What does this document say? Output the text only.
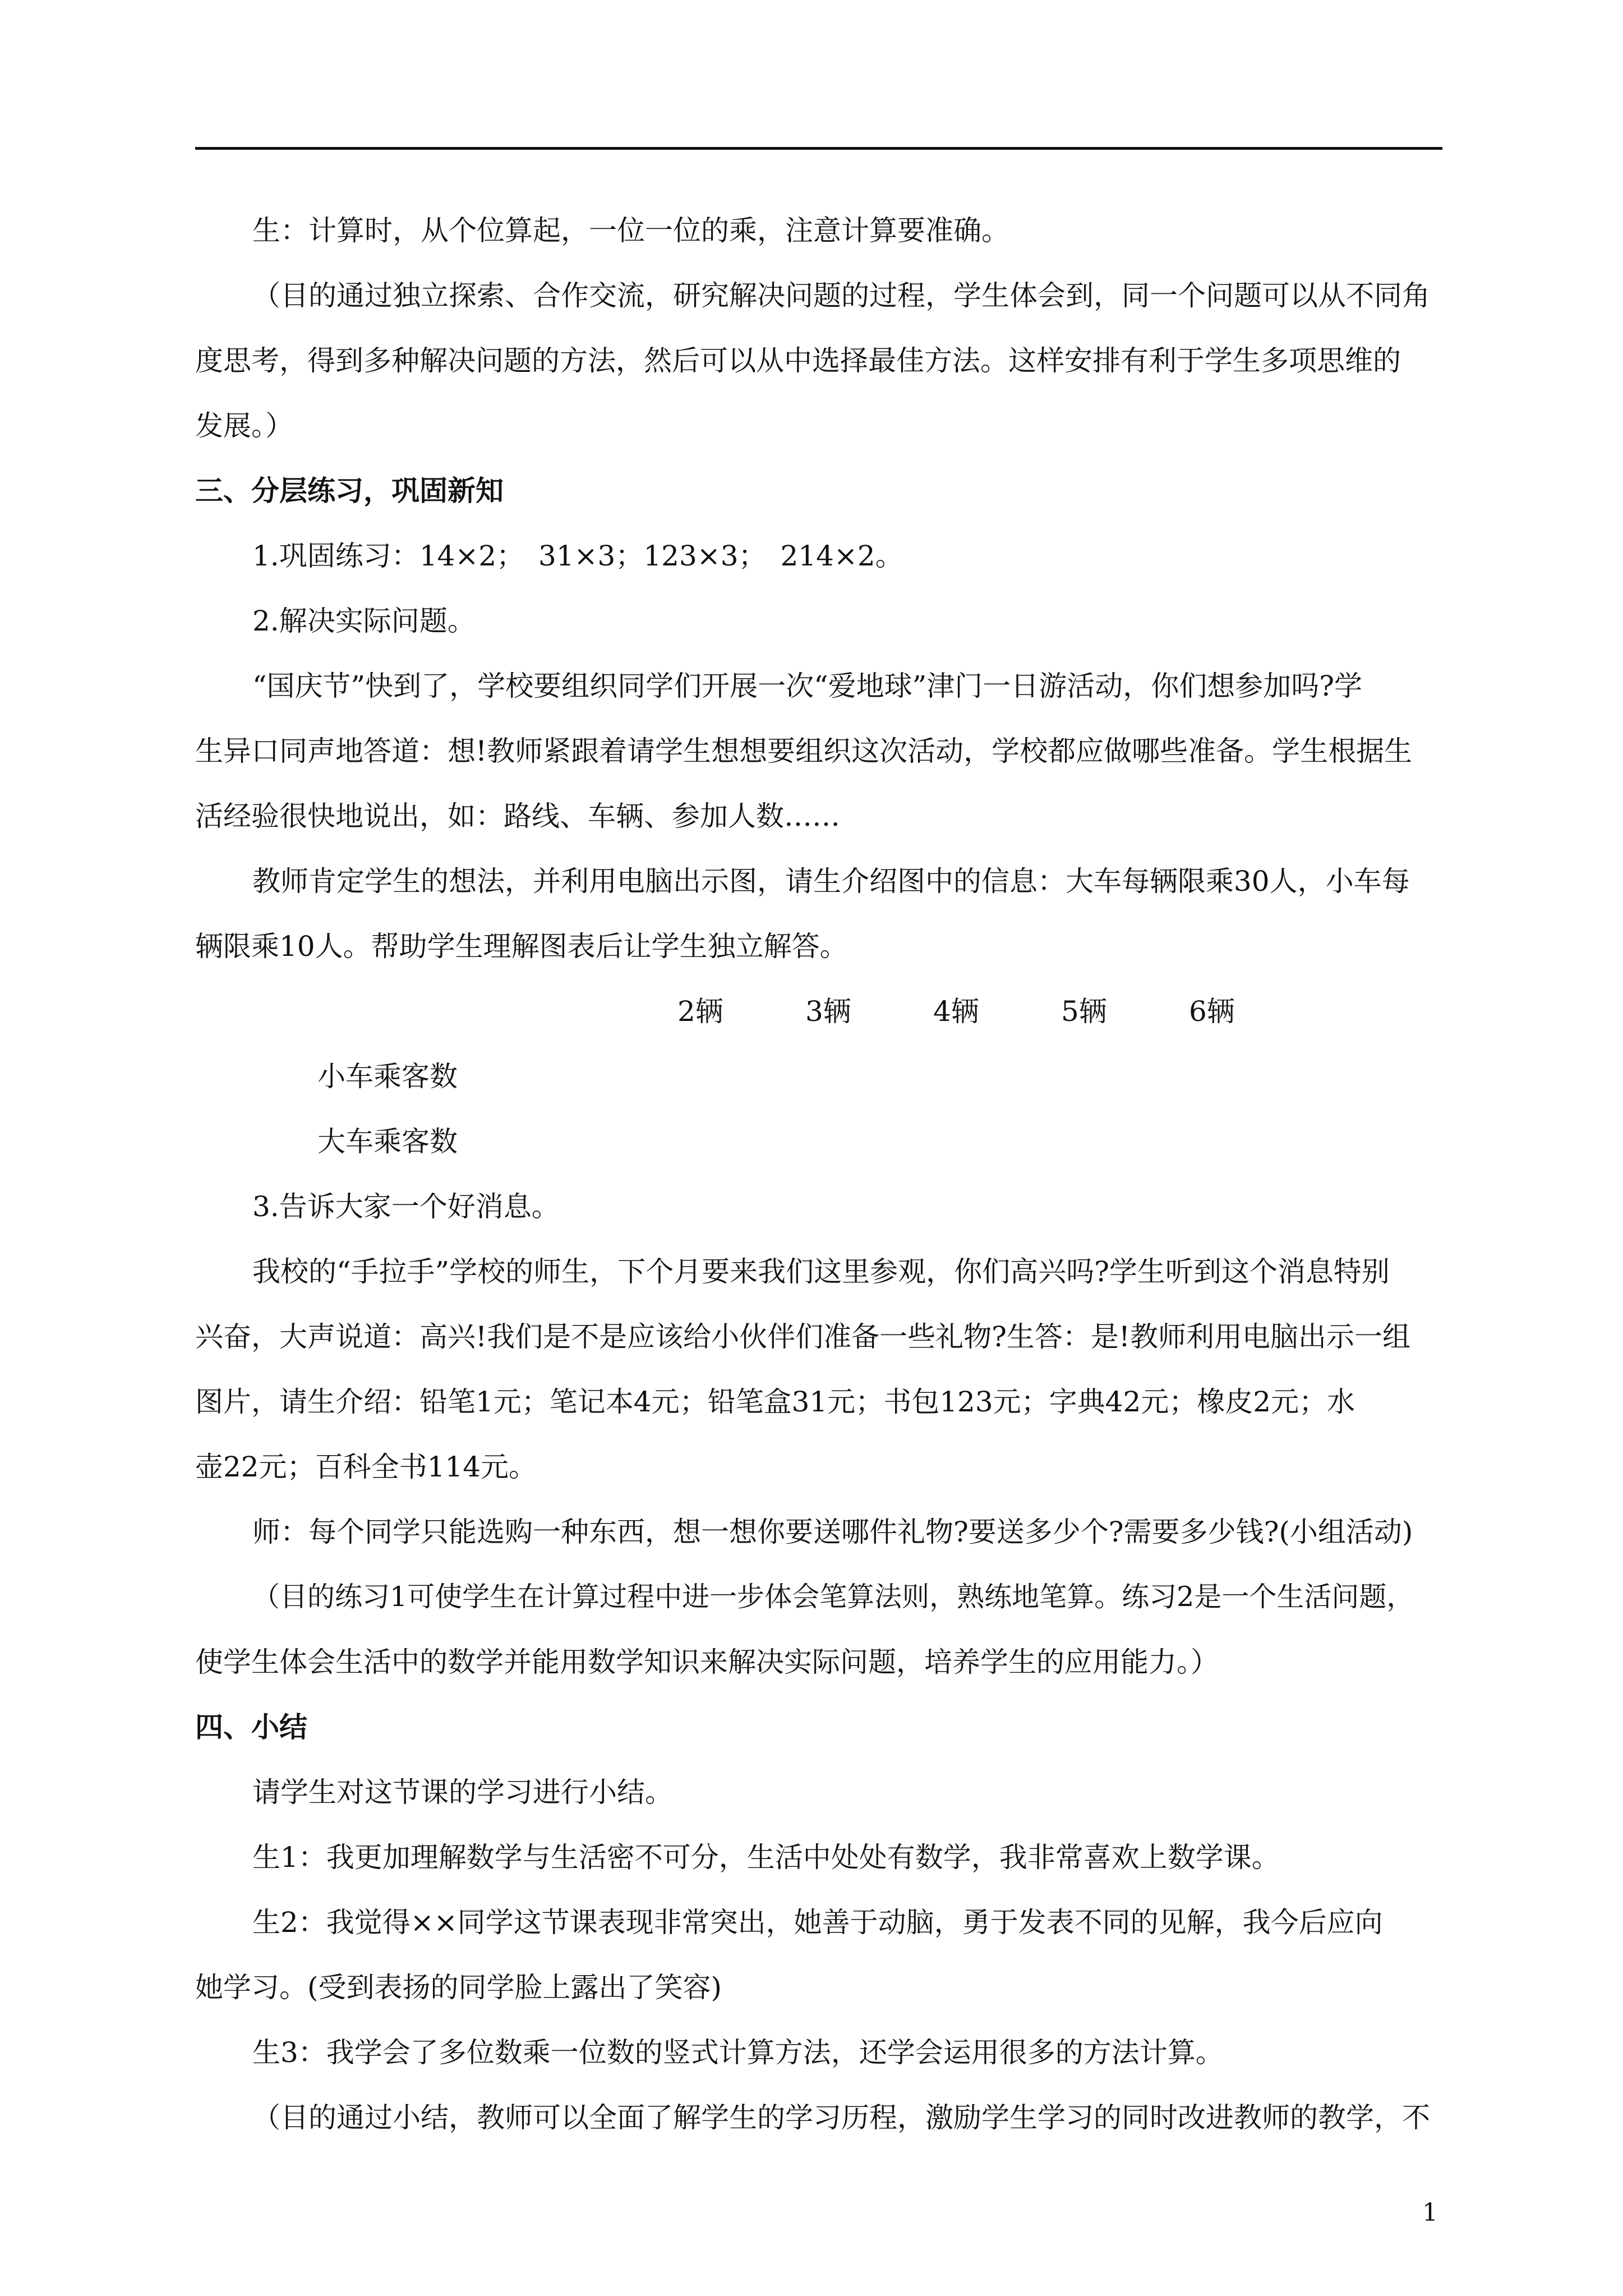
生：计算时，从个位算起，一位一位的乘，注意计算要准确。
（目的通过独立探索、合作交流，研究解决问题的过程，学生体会到，同一个问题可以从不同角
度思考，得到多种解决问题的方法，然后可以从中选择最佳方法。这样安排有利于学生多项思维的
发展。）
三、分层练习，巩固新知
1.巩固练习：14×2；　31×3；123×3；　214×2。
2.解决实际问题。
“国庆节”快到了，学校要组织同学们开展一次“爱地球”津门一日游活动，你们想参加吗?学
生异口同声地答道：想!教师紧跟着请学生想想要组织这次活动，学校都应做哪些准备。学生根据生
活经验很快地说出，如：路线、车辆、参加人数……
教师肯定学生的想法，并利用电脑出示图，请生介绍图中的信息：大车每辆限乘30人，小车每
辆限乘10人。帮助学生理解图表后让学生独立解答。
2辆	3辆	4辆	5辆	6辆
小车乘客数
大车乘客数
3.告诉大家一个好消息。
我校的“手拉手”学校的师生，下个月要来我们这里参观，你们高兴吗?学生听到这个消息特别
兴奋，大声说道：高兴!我们是不是应该给小伙伴们准备一些礼物?生答：是!教师利用电脑出示一组
图片，请生介绍：铅笔1元；笔记本4元；铅笔盒31元；书包123元；字典42元；橡皮2元；水
壶22元；百科全书114元。
师：每个同学只能选购一种东西，想一想你要送哪件礼物?要送多少个?需要多少钱?(小组活动)
（目的练习1可使学生在计算过程中进一步体会笔算法则，熟练地笔算。练习2是一个生活问题，
使学生体会生活中的数学并能用数学知识来解决实际问题，培养学生的应用能力。）
四、小结
请学生对这节课的学习进行小结。
生1：我更加理解数学与生活密不可分，生活中处处有数学，我非常喜欢上数学课。
生2：我觉得××同学这节课表现非常突出，她善于动脑，勇于发表不同的见解，我今后应向
她学习。(受到表扬的同学脸上露出了笑容)
生3：我学会了多位数乘一位数的竖式计算方法，还学会运用很多的方法计算。
（目的通过小结，教师可以全面了解学生的学习历程，激励学生学习的同时改进教师的教学，不
1
